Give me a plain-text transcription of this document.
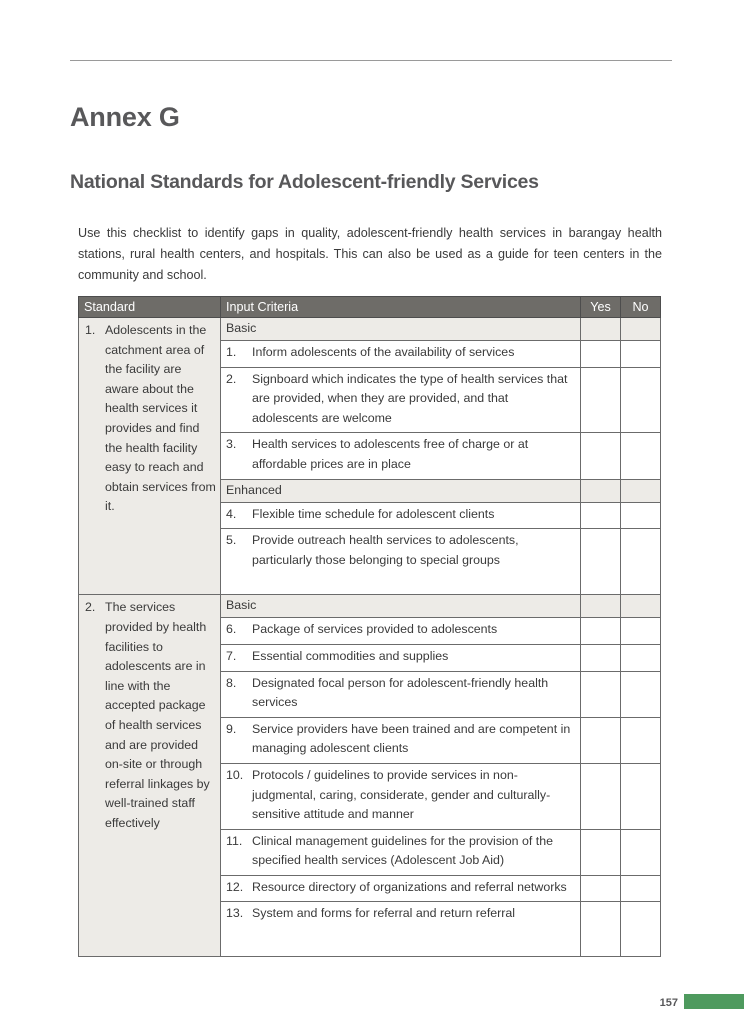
Annex G
National Standards for Adolescent-friendly Services

Use this checklist to identify gaps in quality, adolescent-friendly health services in barangay health stations, rural health centers, and hospitals. This can also be used as a guide for teen centers in the community and school.

Standard	Input Criteria	Yes	No

1. Adolescents in the catchment area of the facility are aware about the health services it provides and find the health facility easy to reach and obtain services from it.	Basic		

	1. Inform adolescents of the availability of services		

	2. Signboard which indicates the type of health services that are provided, when they are provided, and that adolescents are welcome		

	3. Health services to adolescents free of charge or at affordable prices are in place		

	Enhanced		

	4. Flexible time schedule for adolescent clients		

	5. Provide outreach health services to adolescents, particularly those belonging to special groups		

2. The services provided by health facilities to adolescents are in line with the accepted package of health services and are provided on-site or through referral linkages by well-trained staff effectively	Basic		

	6. Package of services provided to adolescents		

	7. Essential commodities and supplies		

	8. Designated focal person for adolescent-friendly health services		

	9. Service providers have been trained and are competent in managing adolescent clients		

	10. Protocols / guidelines to provide services in non-judgmental, caring, considerate, gender and culturally-sensitive attitude and manner		

	11. Clinical management guidelines for the provision of the specified health services (Adolescent Job Aid)		

	12. Resource directory of organizations and referral networks		

	13. System and forms for referral and return referral		

157
